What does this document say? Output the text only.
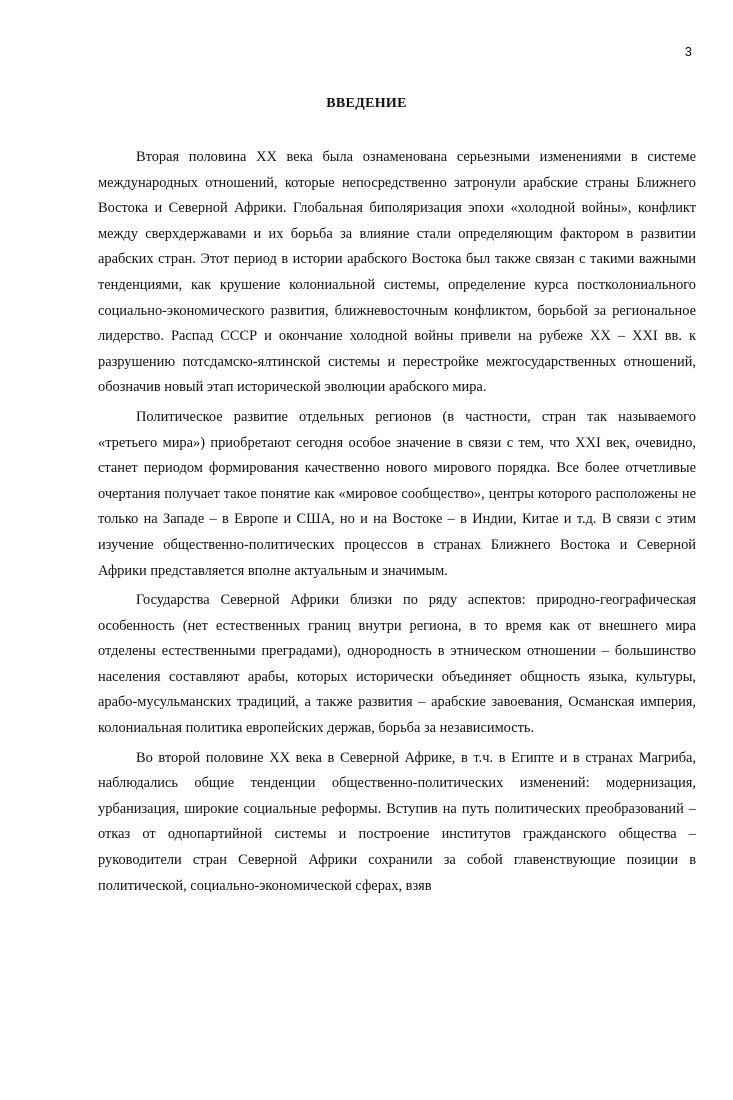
3
ВВЕДЕНИЕ

Вторая половина XX века была ознаменована серьезными изменениями в системе международных отношений, которые непосредственно затронули арабские страны Ближнего Востока и Северной Африки. Глобальная биполяризация эпохи «холодной войны», конфликт между сверхдержавами и их борьба за влияние стали определяющим фактором в развитии арабских стран. Этот период в истории арабского Востока был также связан с такими важными тенденциями, как крушение колониальной системы, определение курса постколониального социально-экономического развития, ближневосточным конфликтом, борьбой за региональное лидерство. Распад СССР и окончание холодной войны привели на рубеже XX – XXI вв. к разрушению потсдамско-ялтинской системы и перестройке межгосударственных отношений, обозначив новый этап исторической эволюции арабского мира.

Политическое развитие отдельных регионов (в частности, стран так называемого «третьего мира») приобретают сегодня особое значение в связи с тем, что XXI век, очевидно, станет периодом формирования качественно нового мирового порядка. Все более отчетливые очертания получает такое понятие как «мировое сообщество», центры которого расположены не только на Западе – в Европе и США, но и на Востоке – в Индии, Китае и т.д. В связи с этим изучение общественно-политических процессов в странах Ближнего Востока и Северной Африки представляется вполне актуальным и значимым.

Государства Северной Африки близки по ряду аспектов: природно-географическая особенность (нет естественных границ внутри региона, в то время как от внешнего мира отделены естественными преградами), однородность в этническом отношении – большинство населения составляют арабы, которых исторически объединяет общность языка, культуры, арабо-мусульманских традиций, а также развития – арабские завоевания, Османская империя, колониальная политика европейских держав, борьба за независимость.

Во второй половине XX века в Северной Африке, в т.ч. в Египте и в странах Магриба, наблюдались общие тенденции общественно-политических изменений: модернизация, урбанизация, широкие социальные реформы. Вступив на путь политических преобразований – отказ от однопартийной системы и построение институтов гражданского общества – руководители стран Северной Африки сохранили за собой главенствующие позиции в политической, социально-экономической сферах, взяв
